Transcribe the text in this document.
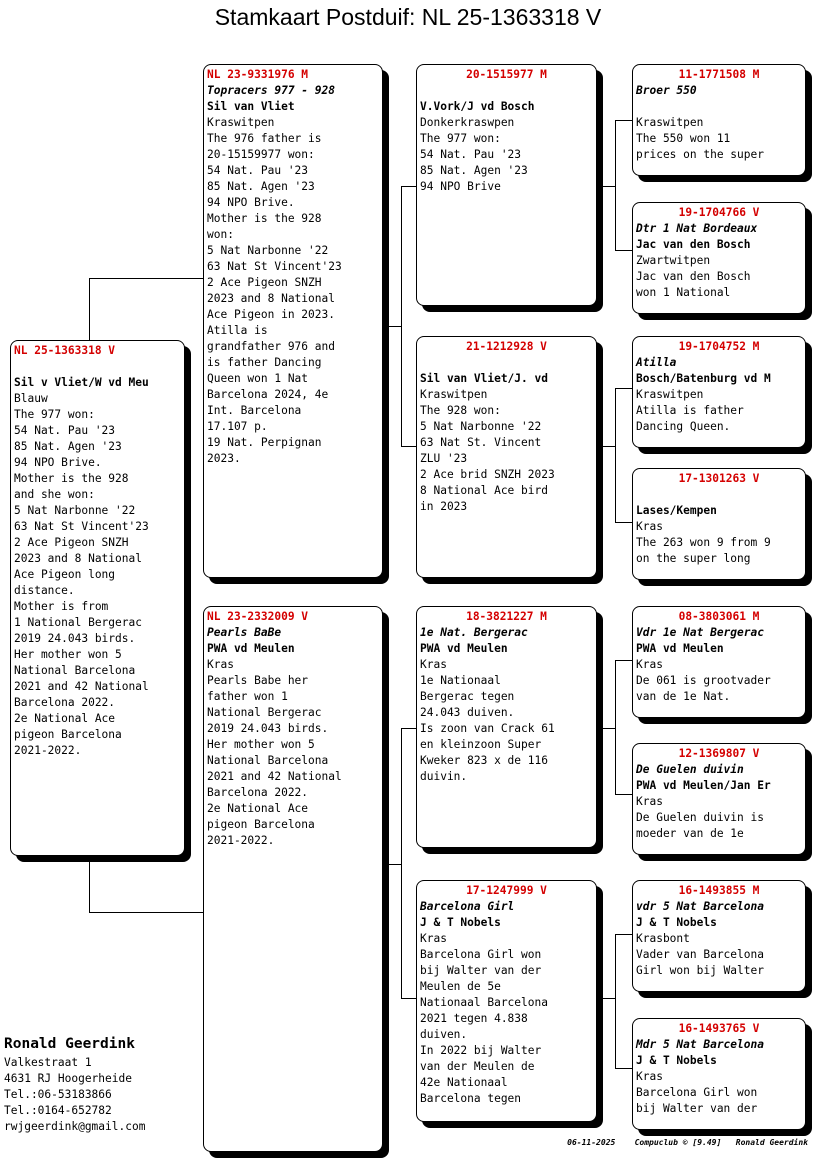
Stamkaart Postduif: NL 25-1363318 V
NL 25-1363318 V
Sil v Vliet/W vd Meu
Blauw
The 977 won:
54 Nat. Pau '23
85 Nat. Agen '23
94 NPO Brive.
Mother is the 928
and she won:
5 Nat Narbonne '22
63 Nat St Vincent'23
2 Ace Pigeon SNZH
2023 and 8 National
Ace Pigeon long
distance.
Mother is from
1 National Bergerac
2019 24.043 birds.
Her mother won 5
National Barcelona
2021 and 42 National
Barcelona 2022.
2e National Ace
pigeon Barcelona
2021-2022.
NL 23-9331976 M
Topracers 977 - 928
Sil van Vliet
Kraswitpen
The 976 father is
20-15159977 won:
54 Nat. Pau '23
85 Nat. Agen '23
94 NPO Brive.
Mother is the 928
won:
5 Nat Narbonne '22
63 Nat St Vincent'23
2 Ace Pigeon SNZH
2023 and 8 National
Ace Pigeon in 2023.
Atilla is
grandfather 976 and
is father Dancing
Queen won 1 Nat
Barcelona 2024, 4e
Int. Barcelona
17.107 p.
19 Nat. Perpignan
2023.
NL 23-2332009 V
Pearls BaBe
PWA vd Meulen
Kras
Pearls Babe her
father won 1
National Bergerac
2019 24.043 birds.
Her mother won 5
National Barcelona
2021 and 42 National
Barcelona 2022.
2e National Ace
pigeon Barcelona
2021-2022.
20-1515977 M
V.Vork/J vd Bosch
Donkerkraswpen
The 977 won:
54 Nat. Pau '23
85 Nat. Agen '23
94 NPO Brive
21-1212928 V
Sil van Vliet/J. vd
Kraswitpen
The 928 won:
5 Nat Narbonne '22
63 Nat St. Vincent
ZLU '23
2 Ace brid SNZH 2023
8 National Ace bird
in 2023
18-3821227 M
1e Nat. Bergerac
PWA vd Meulen
Kras
1e Nationaal
Bergerac tegen
24.043 duiven.
Is zoon van Crack 61
en kleinzoon Super
Kweker 823 x de 116
duivin.
17-1247999 V
Barcelona Girl
J & T Nobels
Kras
Barcelona Girl won
bij Walter van der
Meulen de 5e
Nationaal Barcelona
2021 tegen 4.838
duiven.
In 2022 bij Walter
van der Meulen de
42e Nationaal
Barcelona tegen
11-1771508 M
Broer 550
Kraswitpen
The 550 won 11
prices on the super
19-1704766 V
Dtr 1 Nat Bordeaux
Jac van den Bosch
Zwartwitpen
Jac van den Bosch
won 1 National
19-1704752 M
Atilla
Bosch/Batenburg vd M
Kraswitpen
Atilla is father
Dancing Queen.
17-1301263 V
Lases/Kempen
Kras
The 263 won 9 from 9
on the super long
08-3803061 M
Vdr 1e Nat Bergerac
PWA vd Meulen
Kras
De 061 is grootvader
van de 1e Nat.
12-1369807 V
De Guelen duivin
PWA vd Meulen/Jan Er
Kras
De Guelen duivin is
moeder van de 1e
16-1493855 M
vdr 5 Nat Barcelona
J & T Nobels
Krasbont
Vader van Barcelona
Girl won bij Walter
16-1493765 V
Mdr 5 Nat Barcelona
J & T Nobels
Kras
Barcelona Girl won
bij Walter van der
Ronald Geerdink
Valkestraat 1
4631 RJ Hoogerheide
Tel.:06-53183866
Tel.:0164-652782
rwjgeerdink@gmail.com
06-11-2025 Compuclub © [9.49] Ronald Geerdink
